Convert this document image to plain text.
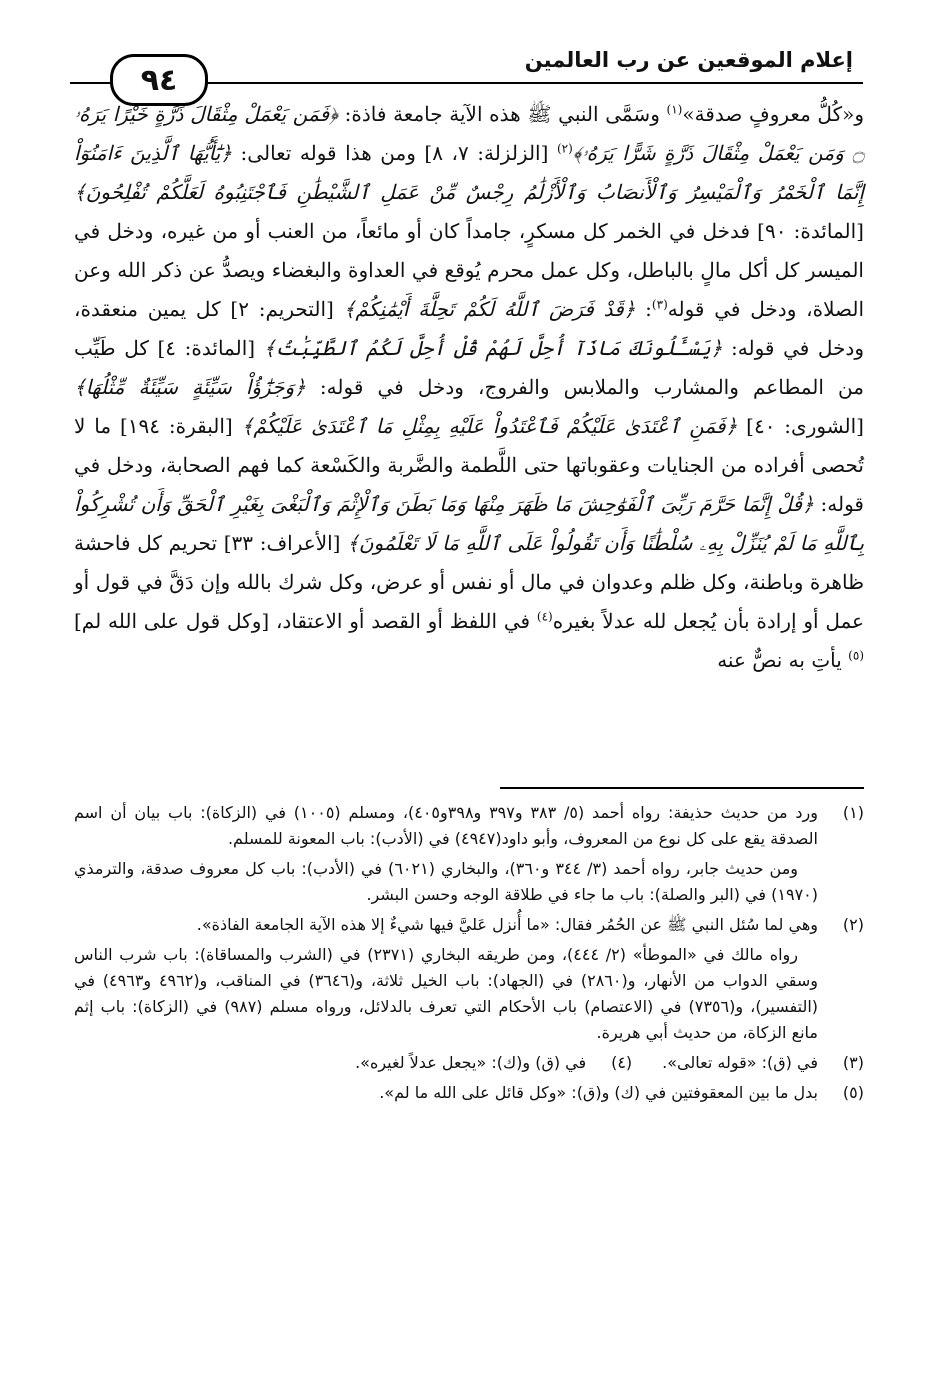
إعلام الموقعين عن رب العالمين
٩٤

و«كُلُّ معروفٍ صدقة»$^{(١)}$ وسَمَّى النبي ﷺ هذه الآية جامعة فاذة: ﴿فَمَن يَعْمَلْ مِثْقَالَ ذَرَّةٍ خَيْرًا يَرَهُۥ ۝ وَمَن يَعْمَلْ مِثْقَالَ ذَرَّةٍ شَرًّا يَرَهُۥ﴾$^{(٢)}$ [الزلزلة: ٧، ٨] ومن هذا قوله تعالى: ﴿يَٰٓأَيُّهَا ٱلَّذِينَ ءَامَنُوٓاْ إِنَّمَا ٱلْخَمْرُ وَٱلْمَيْسِرُ وَٱلْأَنصَابُ وَٱلْأَزْلَٰمُ رِجْسٌ مِّنْ عَمَلِ ٱلشَّيْطَٰنِ فَٱجْتَنِبُوهُ لَعَلَّكُمْ تُفْلِحُونَ﴾ [المائدة: ٩٠] فدخل في الخمر كل مسكرٍ، جامداً كان أو مائعاً، من العنب أو من غيره، ودخل في الميسر كل أكل مالٍ بالباطل، وكل عمل محرم يُوقع في العداوة والبغضاء ويصدُّ عن ذكر الله وعن الصلاة، ودخل في قوله$^{(٣)}$: ﴿قَدْ فَرَضَ ٱللَّهُ لَكُمْ تَحِلَّةَ أَيْمَٰنِكُمْ﴾ [التحريم: ٢] كل يمين منعقدة، ودخل في قوله: ﴿يَسْـَٔلُونَكَ مَاذَآ أُحِلَّ لَهُمْ قُلْ أُحِلَّ لَكُمُ ٱلطَّيِّبَٰتُ﴾ [المائدة: ٤] كل طَيِّب من المطاعم والمشارب والملابس والفروج، ودخل في قوله: ﴿وَجَزَٰٓؤُاْ سَيِّئَةٍ سَيِّئَةٌ مِّثْلُهَا﴾ [الشورى: ٤٠] ﴿فَمَنِ ٱعْتَدَىٰ عَلَيْكُمْ فَٱعْتَدُواْ عَلَيْهِ بِمِثْلِ مَا ٱعْتَدَىٰ عَلَيْكُمْ﴾ [البقرة: ١٩٤] ما لا تُحصى أفراده من الجنايات وعقوباتها حتى اللَّطمة والضَّربة والكَسْعة كما فهم الصحابة، ودخل في قوله: ﴿قُلْ إِنَّمَا حَرَّمَ رَبِّىَ ٱلْفَوَٰحِشَ مَا ظَهَرَ مِنْهَا وَمَا بَطَنَ وَٱلْإِثْمَ وَٱلْبَغْىَ بِغَيْرِ ٱلْحَقِّ وَأَن تُشْرِكُواْ بِٱللَّهِ مَا لَمْ يُنَزِّلْ بِهِۦ سُلْطَٰنًا وَأَن تَقُولُواْ عَلَى ٱللَّهِ مَا لَا تَعْلَمُونَ﴾ [الأعراف: ٣٣] تحريم كل فاحشة ظاهرة وباطنة، وكل ظلم وعدوان في مال أو نفس أو عرض، وكل شرك بالله وإن دَقَّ في قول أو عمل أو إرادة بأن يُجعل لله عدلاً بغيره$^{(٤)}$ في اللفظ أو القصد أو الاعتقاد، [وكل قول على الله لم]$^{(٥)}$ يأتِ به نصٌّ عنه

(١)
ورد من حديث حذيفة: رواه أحمد (٥/ ٣٨٣ و٣٩٧ و٣٩٨و٤٠٥)، ومسلم (١٠٠٥) في (الزكاة): باب بيان أن اسم الصدقة يقع على كل نوع من المعروف، وأبو داود(٤٩٤٧) في (الأدب): باب المعونة للمسلم.
ومن حديث جابر، رواه أحمد (٣/ ٣٤٤ و٣٦٠)، والبخاري (٦٠٢١) في (الأدب): باب كل معروف صدقة، والترمذي (١٩٧٠) في (البر والصلة): باب ما جاء في طلاقة الوجه وحسن البشر.
(٢)
وهي لما سُئل النبي ﷺ عن الحُمُر فقال: «ما أُنزل عَليَّ فيها شيءٌ إلا هذه الآية الجامعة الفاذة».
رواه مالك في «الموطأ» (٢/ ٤٤٤)، ومن طريقه البخاري (٢٣٧١) في (الشرب والمساقاة): باب شرب الناس وسقي الدواب من الأنهار، و(٢٨٦٠) في (الجهاد): باب الخيل ثلاثة، و(٣٦٤٦) في المناقب، و(٤٩٦٢ و٤٩٦٣) في (التفسير)، و(٧٣٥٦) في (الاعتصام) باب الأحكام التي تعرف بالدلائل، ورواه مسلم (٩٨٧) في (الزكاة): باب إثم مانع الزكاة، من حديث أبي هريرة.
(٣)
في (ق): «قوله تعالى».
(٤)
في (ق) و(ك): «يجعل عدلاً لغيره».
(٥)
بدل ما بين المعقوفتين في (ك) و(ق): «وكل قائل على الله ما لم».
